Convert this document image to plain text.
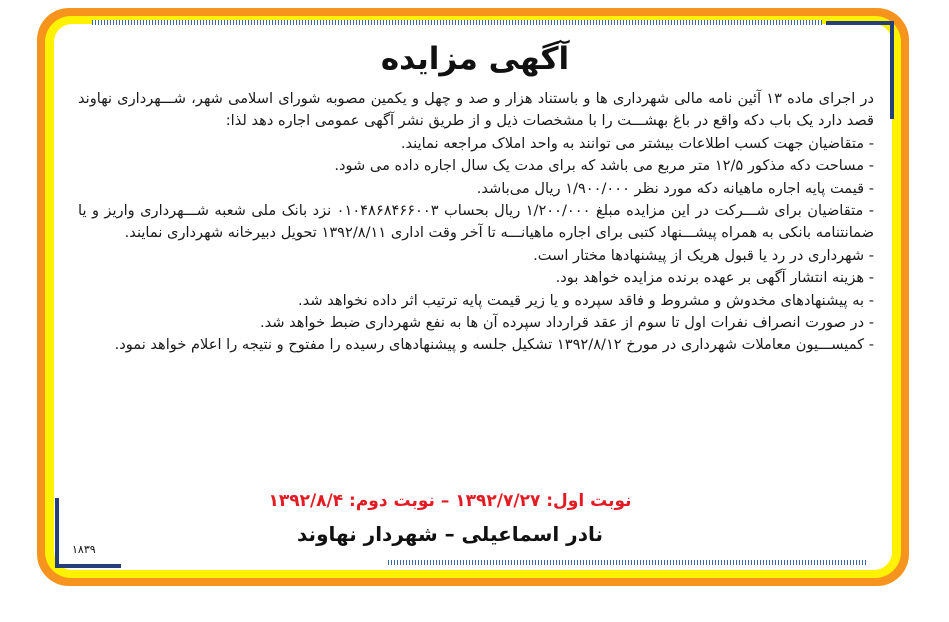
آگهی مزایده

در اجرای ماده ۱۳ آئین نامه مالی شهرداری ها و باستناد هزار و صد و چهل و یکمین مصوبه شورای اسلامی شهر، شـــهرداری نهاوند قصد دارد یک باب دکه واقع در باغ بهشـــت را با مشخصات ذیل و از طریق نشر آگهی عمومی اجاره دهد لذا:

- متقاضیان جهت کسب اطلاعات بیشتر می توانند به واحد املاک مراجعه نمایند.

- مساحت دکه مذکور ۱۲/۵ متر مربع می باشد که برای مدت یک سال اجاره داده می شود.

- قیمت پایه اجاره ماهیانه دکه مورد نظر ۱/۹۰۰/۰۰۰ ریال می‌باشد.

- متقاضیان برای شـــرکت در این مزایده مبلغ ۱/۲۰۰/۰۰۰ ریال بحساب ۰۱۰۴۸۶۸۴۶۶۰۰۳ نزد بانک ملی شعبه شـــهرداری واریز و یا ضمانتنامه بانکی به همراه پیشـــنهاد کتبی برای اجاره ماهیانـــه تا آخر وقت اداری ۱۳۹۲/۸/۱۱ تحویل دبیرخانه شهرداری نمایند.

- شهرداری در رد یا قبول هریک از پیشنهادها مختار است.

- هزینه انتشار آگهی بر عهده برنده مزایده خواهد بود.

- به پیشنهادهای مخدوش و مشروط و فاقد سپرده و یا زیر قیمت پایه ترتیب اثر داده نخواهد شد.

- در صورت انصراف نفرات اول تا سوم از عقد قرارداد سپرده آن ها به نفع شهرداری ضبط خواهد شد.

- کمیســـیون معاملات شهرداری در مورخ ۱۳۹۲/۸/۱۲ تشکیل جلسه و پیشنهادهای رسیده را مفتوح و نتیجه را اعلام خواهد نمود.

نوبت اول: ۱۳۹۲/۷/۲۷ – نوبت دوم: ۱۳۹۲/۸/۴
نادر اسماعیلی – شهردار نهاوند
۱۸۳۹
